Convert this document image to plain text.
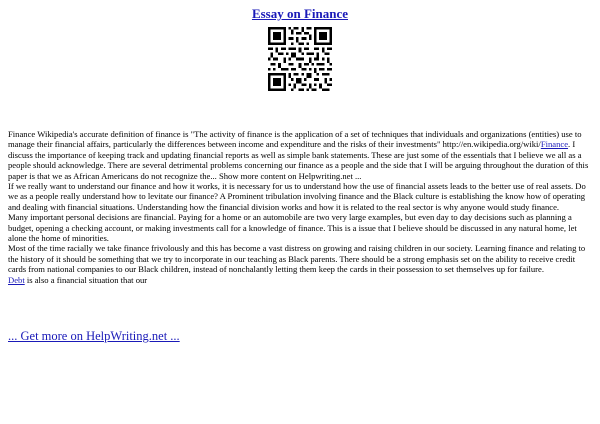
Essay on Finance

Finance Wikipedia's accurate definition of finance is "The activity of finance is the application of a set of techniques that individuals and organizations (entities) use to manage their financial affairs, particularly the differences between income and expenditure and the risks of their investments" http://en.wikipedia.org/wiki/Finance. I discuss the importance of keeping track and updating financial reports as well as simple bank statements. These are just some of the essentials that I believe we all as a people should acknowledge. There are several detrimental problems concerning our finance as a people and the side that I will be arguing throughout the duration of this paper is that we as African Americans do not recognize the... Show more content on Helpwriting.net ...

If we really want to understand our finance and how it works, it is necessary for us to understand how the use of financial assets leads to the better use of real assets. Do we as a people really understand how to levitate our finance? A Prominent tribulation involving finance and the Black culture is establishing the know how of operating and dealing with financial situations. Understanding how the financial division works and how it is related to the real sector is why anyone would study finance.

Many important personal decisions are financial. Paying for a home or an automobile are two very large examples, but even day to day decisions such as planning a budget, opening a checking account, or making investments call for a knowledge of finance. This is a issue that I believe should be discussed in any natural home, let alone the home of minorities.

Most of the time racially we take finance frivolously and this has become a vast distress on growing and raising children in our society. Learning finance and relating to the history of it should be something that we try to incorporate in our teaching as Black parents. There should be a strong emphasis set on the ability to receive credit cards from national companies to our Black children, instead of nonchalantly letting them keep the cards in their possession to set themselves up for failure.

Debt is also a financial situation that our

... Get more on HelpWriting.net ...
